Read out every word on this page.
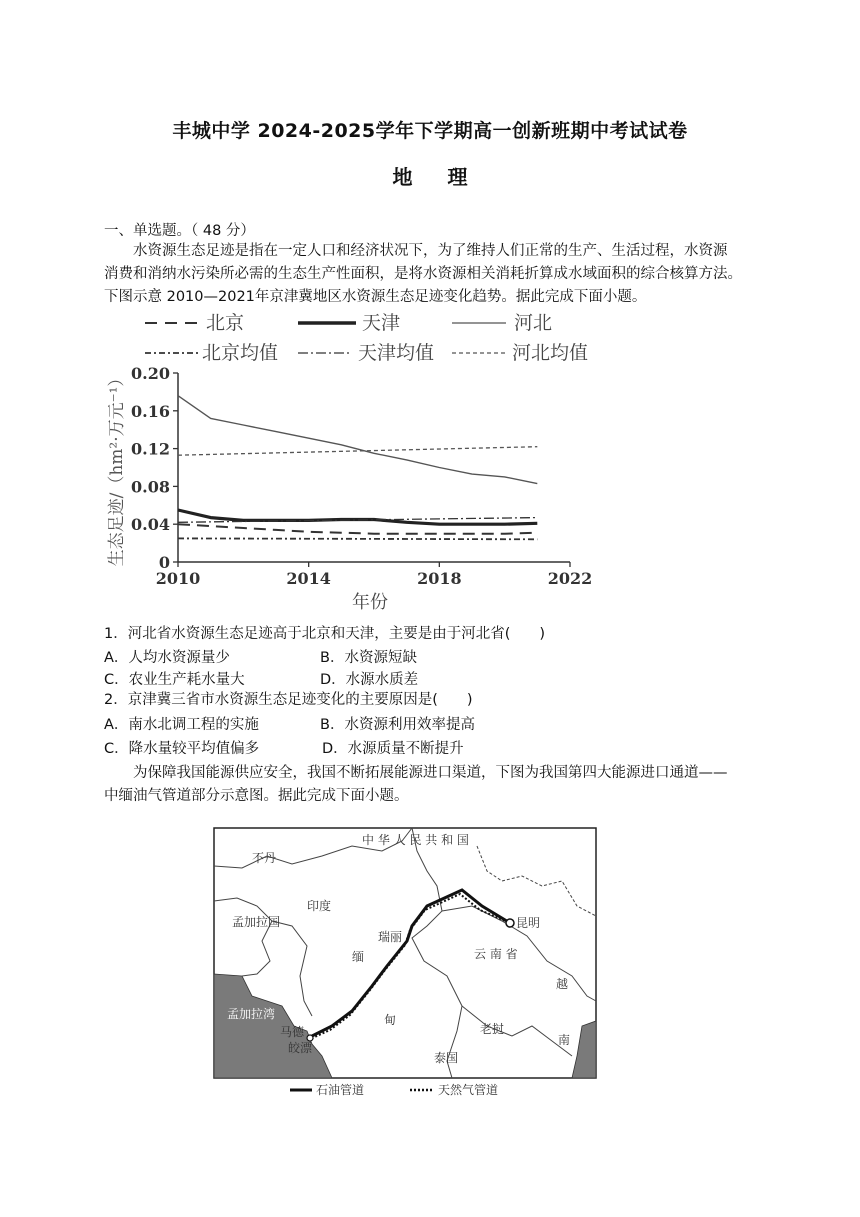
丰城中学 2024-2025学年下学期高一创新班期中考试试卷
地 理
一、单选题。（ 48 分）

水资源生态足迹是指在一定人口和经济状况下，为了维持人们正常的生产、生活过程，水资源

消费和消纳水污染所必需的生态生产性面积，是将水资源相关消耗折算成水域面积的综合核算方法。

下图示意 2010—2021年京津冀地区水资源生态足迹变化趋势。据此完成下面小题。

北京	天津	河北
北京均值	天津均值	河北均值
生态足迹/（hm²·万元⁻¹） 0
0.04
0.08
0.12
0.16
0.20
2010	2014	2018	2022
年份
1．河北省水资源生态足迹高于北京和天津，主要是由于河北省(　　)
A．人均水资源量少	B．水资源短缺
C．农业生产耗水量大	D．水源水质差
2．京津冀三省市水资源生态足迹变化的主要原因是(　　)
A．南水北调工程的实施	B．水资源利用效率提高
C．降水量较平均值偏多	D．水源质量不断提升

为保障我国能源供应安全，我国不断拓展能源进口渠道，下图为我国第四大能源进口通道——

中缅油气管道部分示意图。据此完成下面小题。

中 华 人 民 共 和 国
不丹
印度
孟加拉国
孟加拉湾
缅
甸
瑞丽
昆明
云 南 省
越
南
老挝
泰国
马德
皎漂
石油管道	天然气管道
